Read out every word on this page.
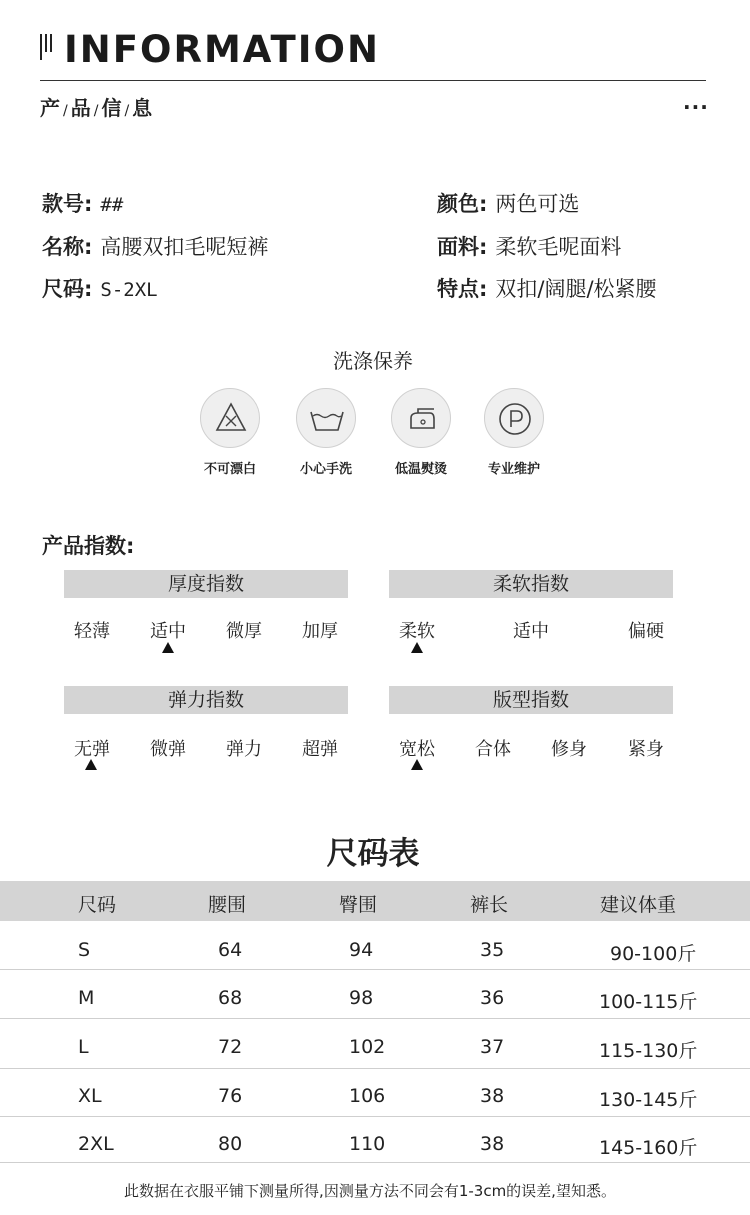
INFORMATION
产 / 品 / 信 / 息	...
款号: ##
名称: 高腰双扣毛呢短裤
尺码: S-2XL
颜色: 两色可选
面料: 柔软毛呢面料
特点: 双扣/阔腿/松紧腰
洗涤保养
不可漂白	小心手洗	低温熨烫	专业维护
产品指数:
厚度指数
轻薄	适中	微厚	加厚
柔软指数
柔软	适中	偏硬
弹力指数
无弹	微弹	弹力	超弹
版型指数
宽松	合体	修身	紧身
尺码表
尺码	腰围	臀围	裤长	建议体重
S	64	94	35	90-100斤
M	68	98	36	100-115斤
L	72	102	37	115-130斤
XL	76	106	38	130-145斤
2XL	80	110	38	145-160斤
此数据在衣服平铺下测量所得,因测量方法不同会有1-3cm的误差,望知悉。
